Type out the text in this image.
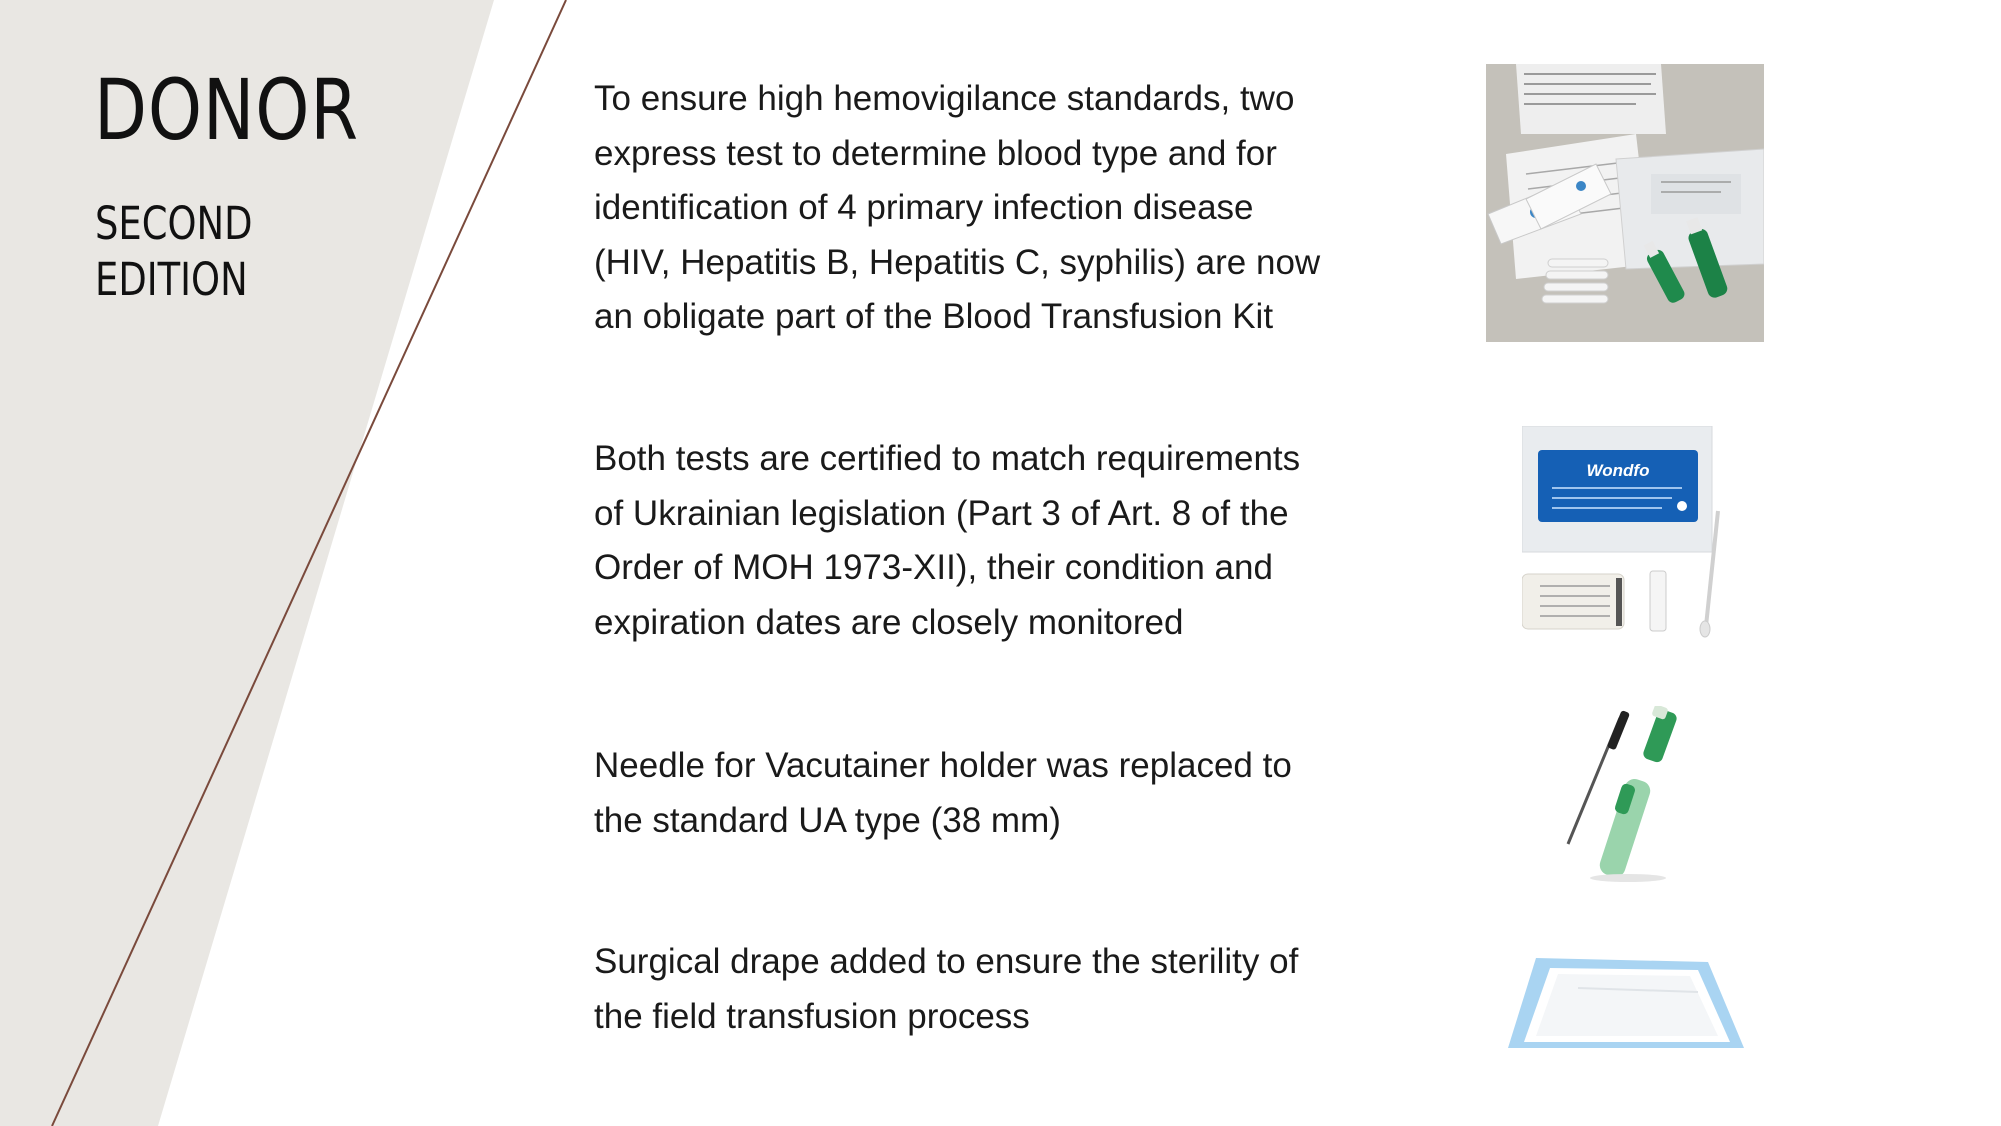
DONOR
SECOND
EDITION
To ensure high hemovigilance standards, two
express test to determine blood type and for
identification of 4 primary infection disease
(HIV, Hepatitis B, Hepatitis C, syphilis) are now
an obligate part of the Blood Transfusion Kit
Both tests are certified to match requirements
of Ukrainian legislation (Part 3 of Art. 8 of the
Order of MOH 1973-XII), their condition and
expiration dates are closely monitored
Needle for Vacutainer holder was replaced to
the standard UA type (38 mm)
Surgical drape added to ensure the sterility of
the field transfusion process
Wondfo
